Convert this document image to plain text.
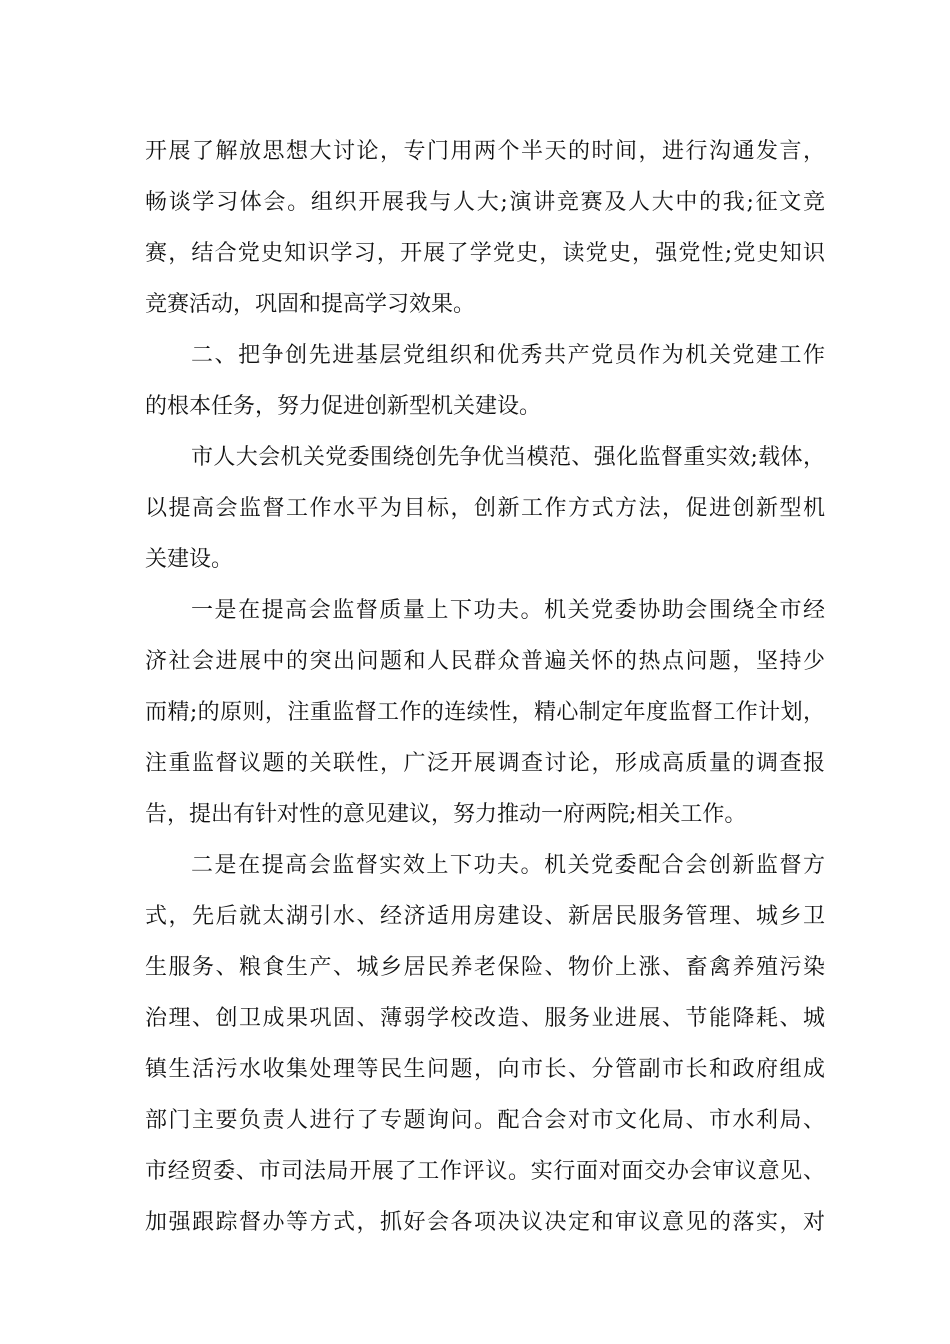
开展了解放思想大讨论，专门用两个半天的时间，进行沟通发言，
畅谈学习体会。组织开展我与人大;演讲竞赛及人大中的我;征文竞
赛，结合党史知识学习，开展了学党史，读党史，强党性;党史知识
竞赛活动，巩固和提高学习效果。
二、把争创先进基层党组织和优秀共产党员作为机关党建工作
的根本任务，努力促进创新型机关建设。
市人大会机关党委围绕创先争优当模范、强化监督重实效;载体，
以提高会监督工作水平为目标，创新工作方式方法，促进创新型机
关建设。
一是在提高会监督质量上下功夫。机关党委协助会围绕全市经
济社会进展中的突出问题和人民群众普遍关怀的热点问题，坚持少
而精;的原则，注重监督工作的连续性，精心制定年度监督工作计划，
注重监督议题的关联性，广泛开展调查讨论，形成高质量的调查报
告，提出有针对性的意见建议，努力推动一府两院;相关工作。
二是在提高会监督实效上下功夫。机关党委配合会创新监督方
式，先后就太湖引水、经济适用房建设、新居民服务管理、城乡卫
生服务、粮食生产、城乡居民养老保险、物价上涨、畜禽养殖污染
治理、创卫成果巩固、薄弱学校改造、服务业进展、节能降耗、城
镇生活污水收集处理等民生问题，向市长、分管副市长和政府组成
部门主要负责人进行了专题询问。配合会对市文化局、市水利局、
市经贸委、市司法局开展了工作评议。实行面对面交办会审议意见、
加强跟踪督办等方式，抓好会各项决议决定和审议意见的落实，对
